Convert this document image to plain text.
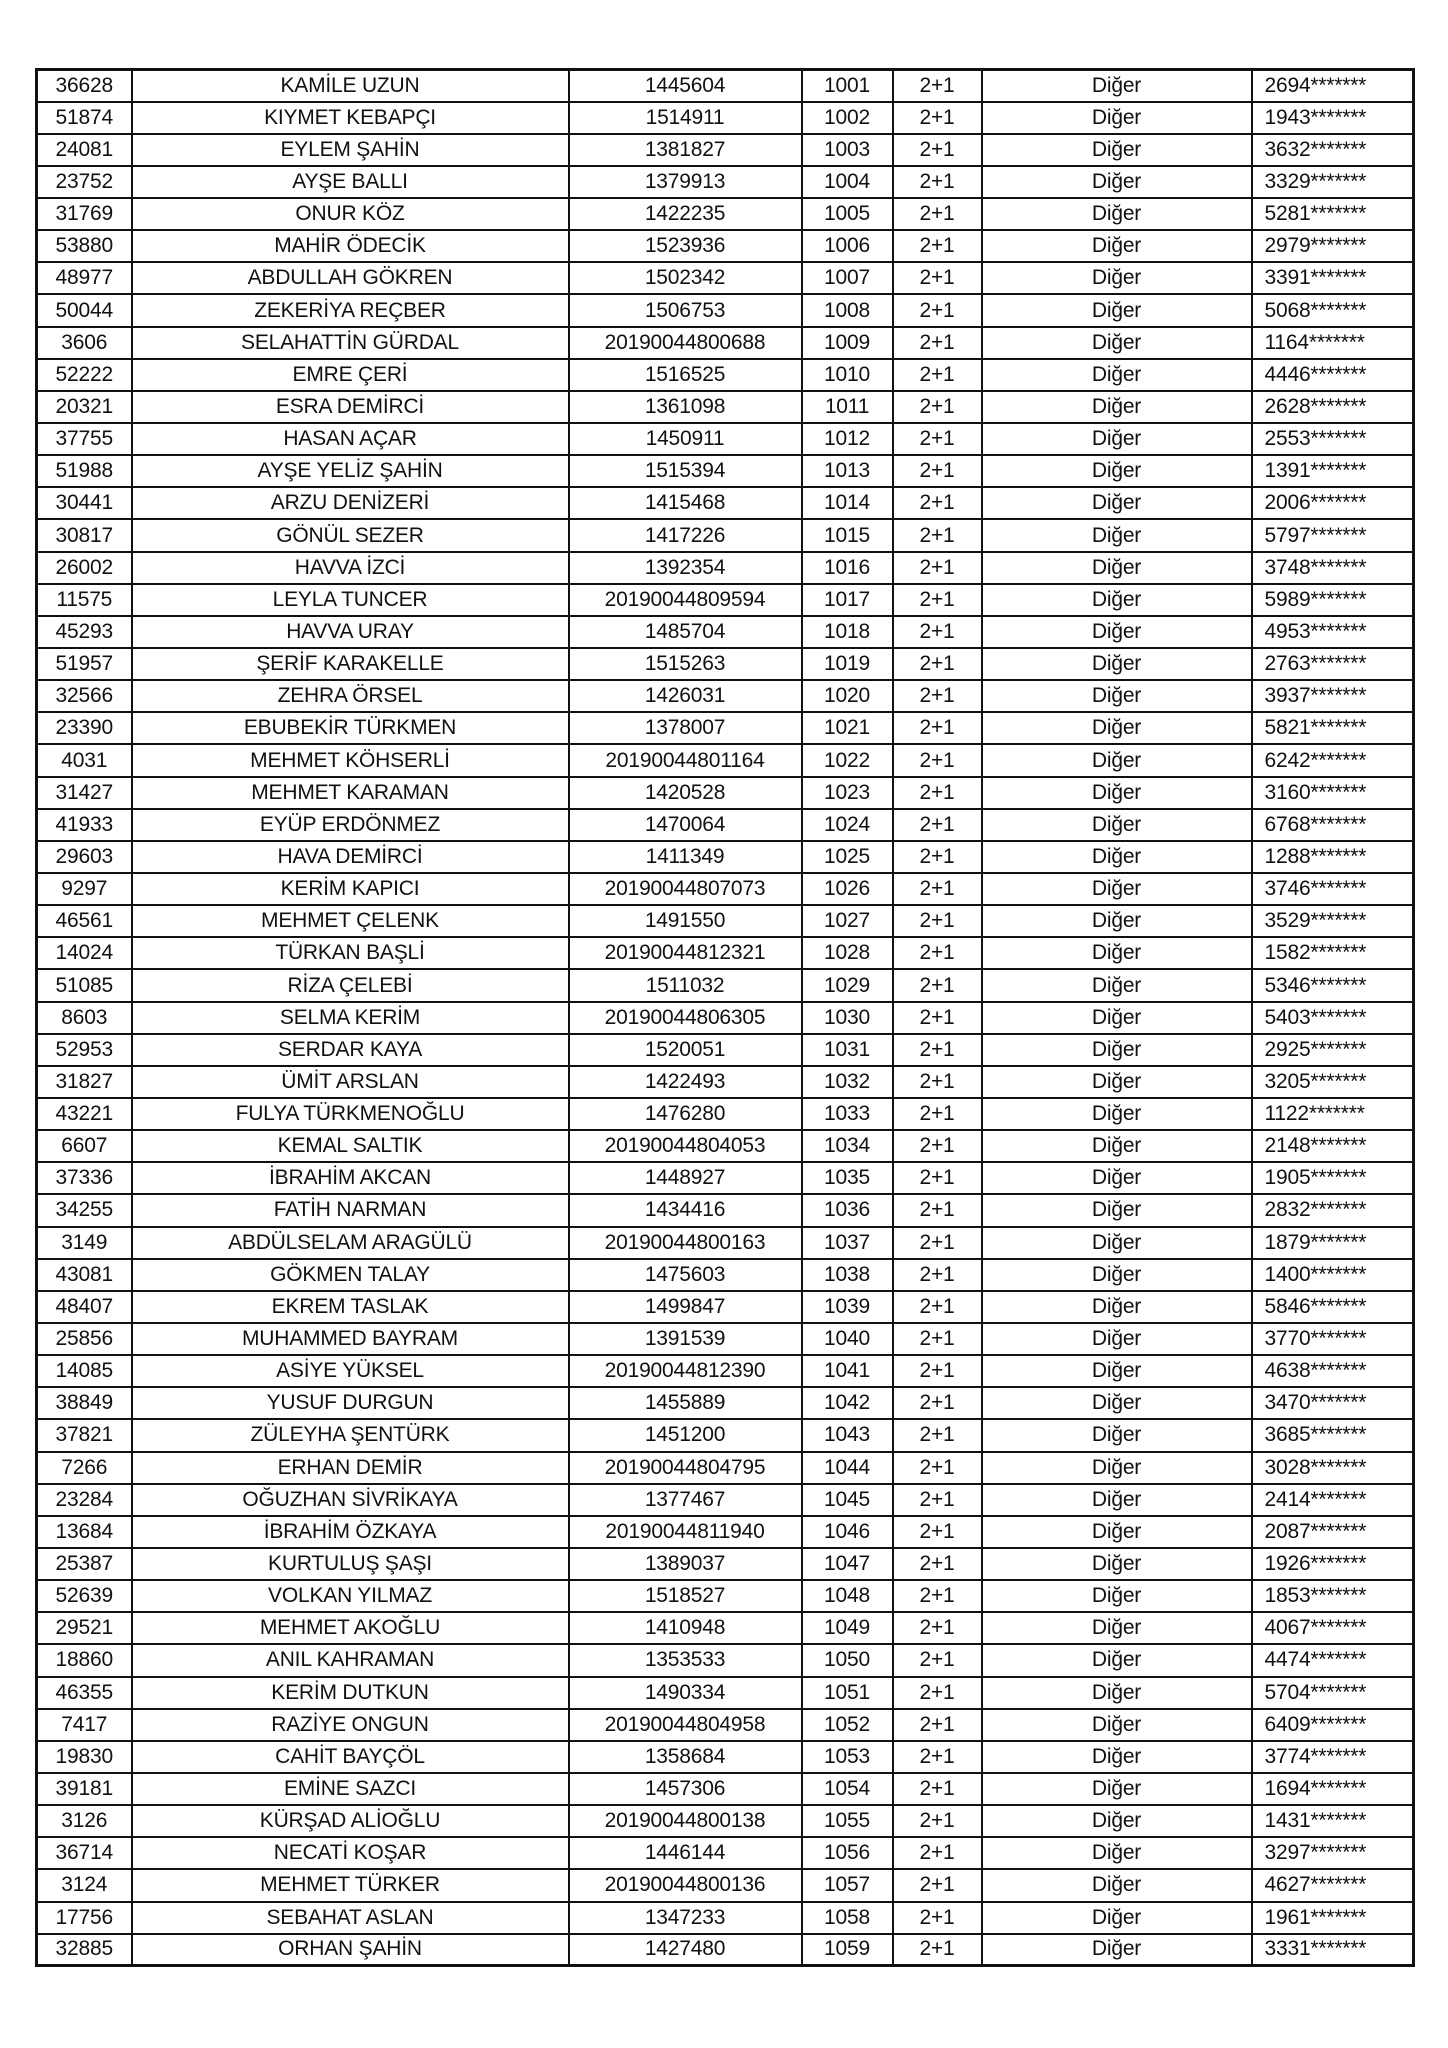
36628	KAMİLE UZUN	1445604	1001	2+1	Diğer	2694*******
51874	KIYMET KEBAPÇI	1514911	1002	2+1	Diğer	1943*******
24081	EYLEM ŞAHİN	1381827	1003	2+1	Diğer	3632*******
23752	AYŞE BALLI	1379913	1004	2+1	Diğer	3329*******
31769	ONUR KÖZ	1422235	1005	2+1	Diğer	5281*******
53880	MAHİR ÖDECİK	1523936	1006	2+1	Diğer	2979*******
48977	ABDULLAH GÖKREN	1502342	1007	2+1	Diğer	3391*******
50044	ZEKERİYA REÇBER	1506753	1008	2+1	Diğer	5068*******
3606	SELAHATTİN GÜRDAL	20190044800688	1009	2+1	Diğer	1164*******
52222	EMRE ÇERİ	1516525	1010	2+1	Diğer	4446*******
20321	ESRA DEMİRCİ	1361098	1011	2+1	Diğer	2628*******
37755	HASAN AÇAR	1450911	1012	2+1	Diğer	2553*******
51988	AYŞE YELİZ ŞAHİN	1515394	1013	2+1	Diğer	1391*******
30441	ARZU DENİZERİ	1415468	1014	2+1	Diğer	2006*******
30817	GÖNÜL SEZER	1417226	1015	2+1	Diğer	5797*******
26002	HAVVA İZCİ	1392354	1016	2+1	Diğer	3748*******
11575	LEYLA TUNCER	20190044809594	1017	2+1	Diğer	5989*******
45293	HAVVA URAY	1485704	1018	2+1	Diğer	4953*******
51957	ŞERİF KARAKELLE	1515263	1019	2+1	Diğer	2763*******
32566	ZEHRA ÖRSEL	1426031	1020	2+1	Diğer	3937*******
23390	EBUBEKİR TÜRKMEN	1378007	1021	2+1	Diğer	5821*******
4031	MEHMET KÖHSERLİ	20190044801164	1022	2+1	Diğer	6242*******
31427	MEHMET KARAMAN	1420528	1023	2+1	Diğer	3160*******
41933	EYÜP ERDÖNMEZ	1470064	1024	2+1	Diğer	6768*******
29603	HAVA DEMİRCİ	1411349	1025	2+1	Diğer	1288*******
9297	KERİM KAPICI	20190044807073	1026	2+1	Diğer	3746*******
46561	MEHMET ÇELENK	1491550	1027	2+1	Diğer	3529*******
14024	TÜRKAN BAŞLİ	20190044812321	1028	2+1	Diğer	1582*******
51085	RİZA ÇELEBİ	1511032	1029	2+1	Diğer	5346*******
8603	SELMA KERİM	20190044806305	1030	2+1	Diğer	5403*******
52953	SERDAR KAYA	1520051	1031	2+1	Diğer	2925*******
31827	ÜMİT ARSLAN	1422493	1032	2+1	Diğer	3205*******
43221	FULYA TÜRKMENOĞLU	1476280	1033	2+1	Diğer	1122*******
6607	KEMAL SALTIK	20190044804053	1034	2+1	Diğer	2148*******
37336	İBRAHİM AKCAN	1448927	1035	2+1	Diğer	1905*******
34255	FATİH NARMAN	1434416	1036	2+1	Diğer	2832*******
3149	ABDÜLSELAM ARAGÜLÜ	20190044800163	1037	2+1	Diğer	1879*******
43081	GÖKMEN TALAY	1475603	1038	2+1	Diğer	1400*******
48407	EKREM TASLAK	1499847	1039	2+1	Diğer	5846*******
25856	MUHAMMED BAYRAM	1391539	1040	2+1	Diğer	3770*******
14085	ASİYE YÜKSEL	20190044812390	1041	2+1	Diğer	4638*******
38849	YUSUF DURGUN	1455889	1042	2+1	Diğer	3470*******
37821	ZÜLEYHA ŞENTÜRK	1451200	1043	2+1	Diğer	3685*******
7266	ERHAN DEMİR	20190044804795	1044	2+1	Diğer	3028*******
23284	OĞUZHAN SİVRİKAYA	1377467	1045	2+1	Diğer	2414*******
13684	İBRAHİM ÖZKAYA	20190044811940	1046	2+1	Diğer	2087*******
25387	KURTULUŞ ŞAŞI	1389037	1047	2+1	Diğer	1926*******
52639	VOLKAN YILMAZ	1518527	1048	2+1	Diğer	1853*******
29521	MEHMET AKOĞLU	1410948	1049	2+1	Diğer	4067*******
18860	ANIL KAHRAMAN	1353533	1050	2+1	Diğer	4474*******
46355	KERİM DUTKUN	1490334	1051	2+1	Diğer	5704*******
7417	RAZİYE ONGUN	20190044804958	1052	2+1	Diğer	6409*******
19830	CAHİT BAYÇÖL	1358684	1053	2+1	Diğer	3774*******
39181	EMİNE SAZCI	1457306	1054	2+1	Diğer	1694*******
3126	KÜRŞAD ALİOĞLU	20190044800138	1055	2+1	Diğer	1431*******
36714	NECATİ KOŞAR	1446144	1056	2+1	Diğer	3297*******
3124	MEHMET TÜRKER	20190044800136	1057	2+1	Diğer	4627*******
17756	SEBAHAT ASLAN	1347233	1058	2+1	Diğer	1961*******
32885	ORHAN ŞAHİN	1427480	1059	2+1	Diğer	3331*******
